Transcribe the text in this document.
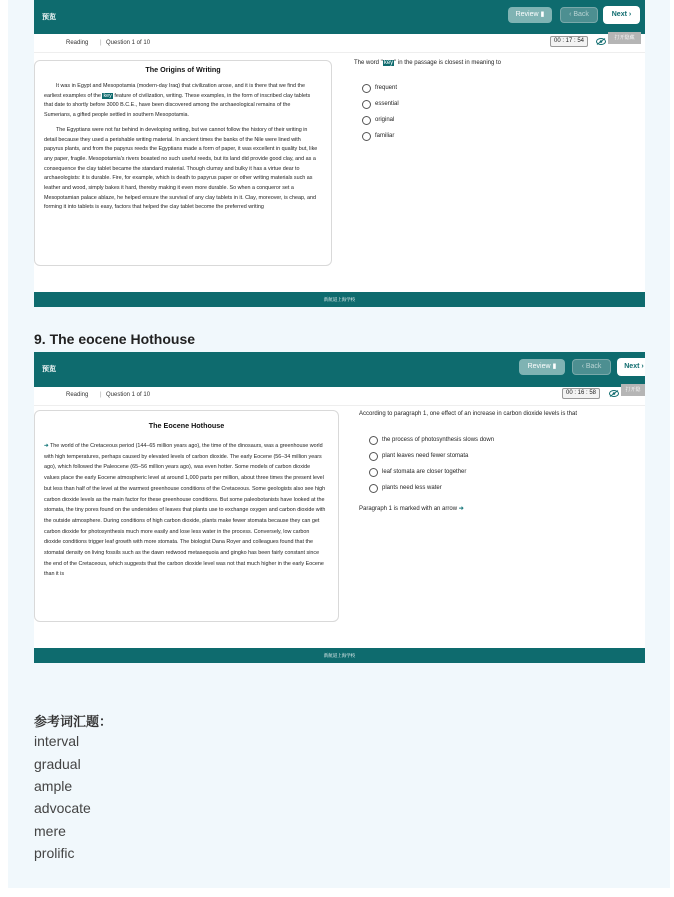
预览	Review ▮	‹ Back	Next ›
Reading | Question 1 of 10	00 : 17 : 54	打开隐藏
The Origins of Writing

It was in Egypt and Mesopotamia (modern-day Iraq) that civilization arose, and it is there that we find the earliest examples of the key feature of civilization, writing. These examples, in the form of inscribed clay tablets that date to shortly before 3000 B.C.E., have been discovered among the archaeological remains of the Sumerians, a gifted people settled in southern Mesopotamia.

The Egyptians were not far behind in developing writing, but we cannot follow the history of their writing in detail because they used a perishable writing material. In ancient times the banks of the Nile were lined with papyrus plants, and from the papyrus reeds the Egyptians made a form of paper, it was excellent in quality but, like any paper, fragile. Mesopotamia's rivers boasted no such useful reeds, but its land did provide good clay, and as a consequence the clay tablet became the standard material. Though clumsy and bulky it has a virtue dear to archaeologists: it is durable. Fire, for example, which is death to papyrus paper or other writing materials such as leather and wood, simply bakes it hard, thereby making it even more durable. So when a conqueror set a Mesopotamian palace ablaze, he helped ensure the survival of any clay tablets in it. Clay, moreover, is cheap, and forming it into tablets is easy, factors that helped the clay tablet become the preferred writing

The word "key" in the passage is closest in meaning to
frequent
essential
original
familiar
新航道上海学校
9. The eocene Hothouse
预览	Review ▮	‹ Back	Next ›
Reading | Question 1 of 10	00 : 16 : 58	打开隐
The Eocene Hothouse
➜ The world of the Cretaceous period (144–65 million years ago), the time of the dinosaurs, was a greenhouse world with high temperatures, perhaps caused by elevated levels of carbon dioxide. The early Eocene (56–34 million years ago), which followed the Paleocene (65–56 million years ago), was even hotter. Some models of carbon dioxide values place the early Eocene atmospheric level at around 1,000 parts per million, about three times the present level but less than half of the level at the warmest greenhouse conditions of the Cretaceous. Some geologists also see high carbon dioxide levels as the main factor for these greenhouse conditions. But some paleobotanists have looked at the stomata, the tiny pores found on the undersides of leaves that plants use to exchange oxygen and carbon dioxide with the outside atmosphere. During conditions of high carbon dioxide, plants make fewer stomata because they can get carbon dioxide for photosynthesis much more easily and lose less water in the process. Conversely, low carbon dioxide conditions trigger leaf growth with more stomata. The biologist Dana Royer and colleagues found that the stomatal density on living fossils such as the dawn redwood metasequoia and gingko has been fairly constant since the end of the Cretaceous, which suggests that the carbon dioxide level was not that much higher in the early Eocene than it is
According to paragraph 1, one effect of an increase in carbon dioxide levels is that
the process of photosynthesis slows down
plant leaves need fewer stomata
leaf stomata are closer together
plants need less water
Paragraph 1 is marked with an arrow ➜
新航道上海学校
参考词汇题：
interval
gradual
ample
advocate
mere
prolific
